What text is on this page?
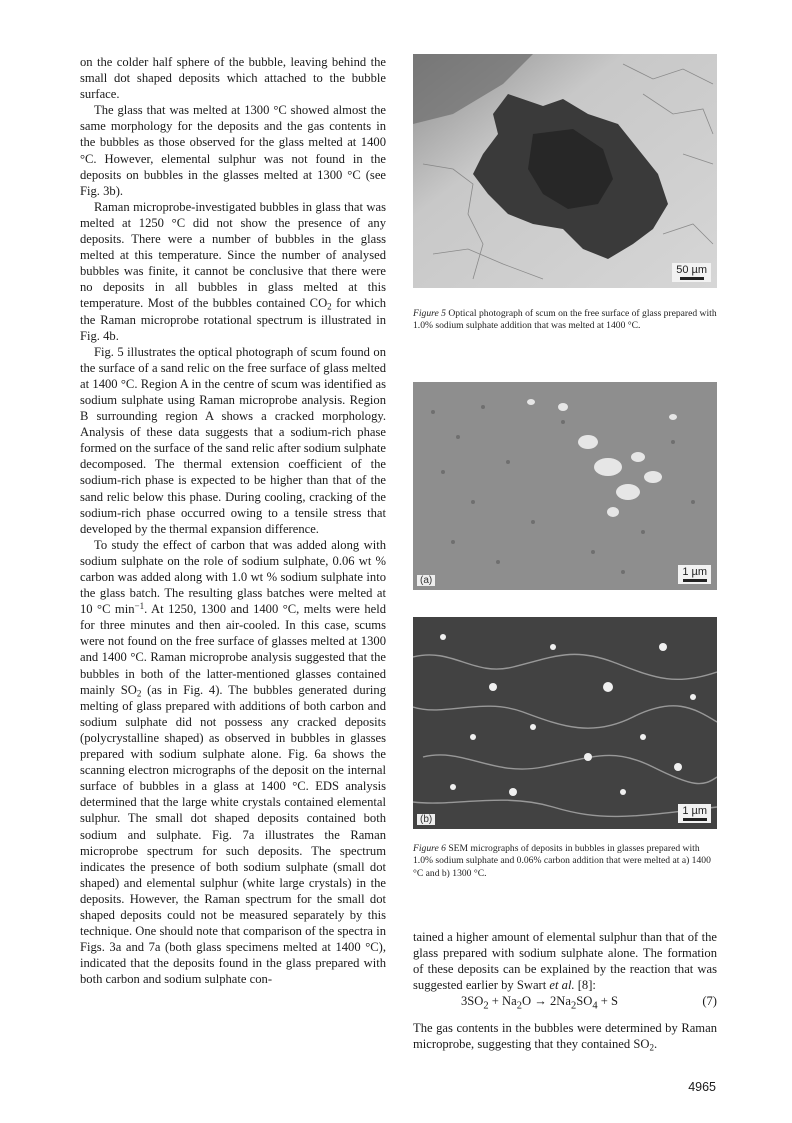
on the colder half sphere of the bubble, leaving behind the small dot shaped deposits which attached to the bubble surface.

The glass that was melted at 1300 °C showed almost the same morphology for the deposits and the gas contents in the bubbles as those observed for the glass melted at 1400 °C. However, elemental sulphur was not found in the deposits on bubbles in the glasses melted at 1300 °C (see Fig. 3b).

Raman microprobe-investigated bubbles in glass that was melted at 1250 °C did not show the presence of any deposits. There were a number of bubbles in the glass melted at this temperature. Since the number of analysed bubbles was finite, it cannot be conclusive that there were no deposits in all bubbles in glass melted at this temperature. Most of the bubbles contained $CO_2$ for which the Raman microprobe rotational spectrum is illustrated in Fig. 4b.

Fig. 5 illustrates the optical photograph of scum found on the surface of a sand relic on the free surface of glass melted at 1400 °C. Region A in the centre of scum was identified as sodium sulphate using Raman microprobe analysis. Region B surrounding region A shows a cracked morphology. Analysis of these data suggests that a sodium-rich phase formed on the surface of the sand relic after sodium sulphate decomposed. The thermal extension coefficient of the sodium-rich phase is expected to be higher than that of the sand relic below this phase. During cooling, cracking of the sodium-rich phase occurred owing to a tensile stress that developed by the thermal expansion difference.

To study the effect of carbon that was added along with sodium sulphate on the role of sodium sulphate, 0.06 wt % carbon was added along with 1.0 wt % sodium sulphate into the glass batch. The resulting glass batches were melted at 10 °C $\min^{-1}$. At 1250, 1300 and 1400 °C, melts were held for three minutes and then air-cooled. In this case, scums were not found on the free surface of glasses melted at 1300 and 1400 °C. Raman microprobe analysis suggested that the bubbles in both of the latter-mentioned glasses contained mainly $SO_2$ (as in Fig. 4). The bubbles generated during melting of glass prepared with additions of both carbon and sodium sulphate did not possess any cracked deposits (polycrystalline shaped) as observed in bubbles in glasses prepared with sodium sulphate alone. Fig. 6a shows the scanning electron micrographs of the deposit on the internal surface of bubbles in a glass at 1400 °C. EDS analysis determined that the large white crystals contained elemental sulphur. The small dot shaped deposits contained both sodium and sulphate. Fig. 7a illustrates the Raman microprobe spectrum for such deposits. The spectrum indicates the presence of both sodium sulphate (small dot shaped) and elemental sulphur (white large crystals) in the deposits. However, the Raman spectrum for the small dot shaped deposits could not be measured separately by this technique. One should note that comparison of the spectra in Figs. 3a and 7a (both glass specimens melted at 1400 °C), indicated that the deposits found in the glass prepared with both carbon and sodium sulphate con-

50 µm
Figure 5 Optical photograph of scum on the free surface of glass prepared with 1.0% sodium sulphate addition that was melted at 1400 °C.
(a)
1 µm
(b)
1 µm
Figure 6 SEM micrographs of deposits in bubbles in glasses prepared with 1.0% sodium sulphate and 0.06% carbon addition that were melted at a) 1400 °C and b) 1300 °C.

tained a higher amount of elemental sulphur than that of the glass prepared with sodium sulphate alone. The formation of these deposits can be explained by the reaction that was suggested earlier by Swart et al. [8]:

$3SO_2 + Na_2O \to 2Na_2SO_4 + S$	(7)

The gas contents in the bubbles were determined by Raman microprobe, suggesting that they contained $SO_2$.

4965
